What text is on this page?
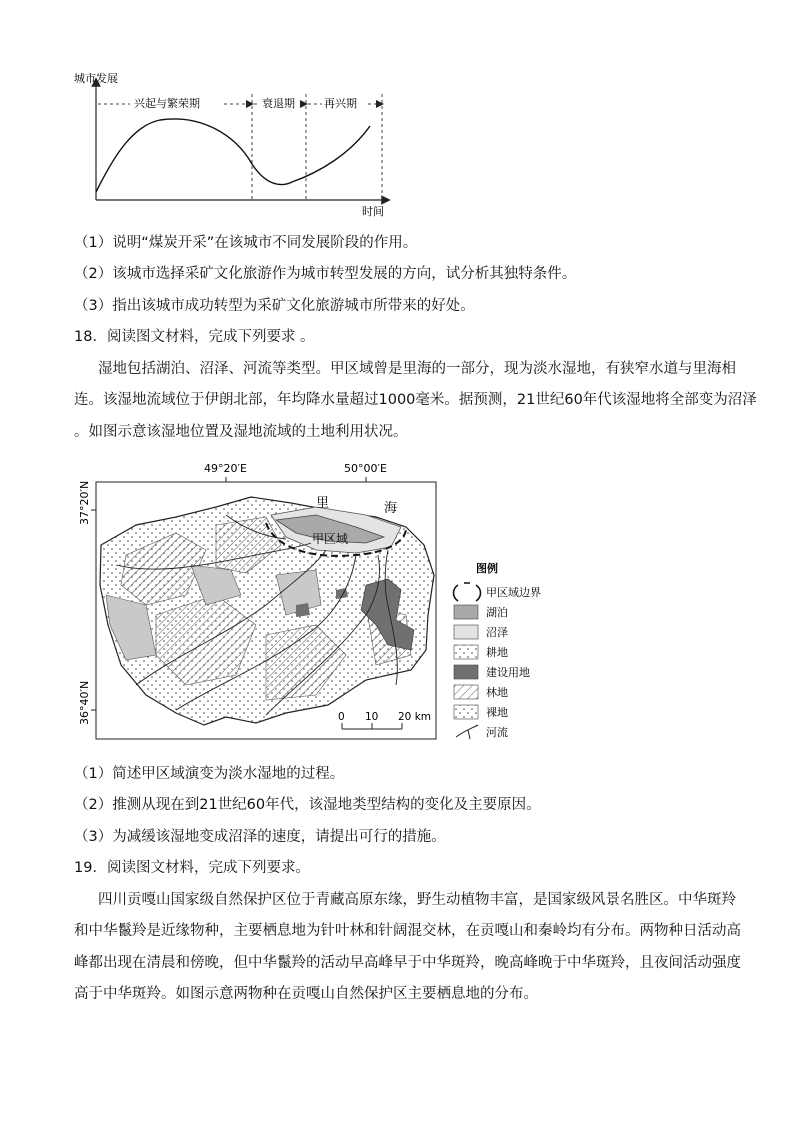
城市发展
时间
兴起与繁荣期	衰退期	再兴期
（1）说明“煤炭开采”在该城市不同发展阶段的作用。
（2）该城市选择采矿文化旅游作为城市转型发展的方向，试分析其独特条件。
（3）指出该城市成功转型为采矿文化旅游城市所带来的好处。
18．阅读图文材料，完成下列要求 。
湿地包括湖泊、沼泽、河流等类型。甲区域曾是里海的一部分，现为淡水湿地，有狭窄水道与里海相
连。该湿地流域位于伊朗北部，年均降水量超过1000毫米。据预测，21世纪60年代该湿地将全部变为沼泽
。如图示意该湿地位置及湿地流域的土地利用状况。
49°20′E	50°00′E
37°20′N
36°40′N
里	海
甲区域
0 10 20 km
图例
甲区域边界
湖泊
沼泽
耕地
建设用地
林地
裸地
河流
（1）简述甲区域演变为淡水湿地的过程。
（2）推测从现在到21世纪60年代，该湿地类型结构的变化及主要原因。
（3）为减缓该湿地变成沼泽的速度，请提出可行的措施。
19．阅读图文材料，完成下列要求。
四川贡嘎山国家级自然保护区位于青藏高原东缘，野生动植物丰富，是国家级风景名胜区。中华斑羚
和中华鬣羚是近缘物种，主要栖息地为针叶林和针阔混交林，在贡嘎山和秦岭均有分布。两物种日活动高
峰都出现在清晨和傍晚，但中华鬣羚的活动早高峰早于中华斑羚，晚高峰晚于中华斑羚，且夜间活动强度
高于中华斑羚。如图示意两物种在贡嘎山自然保护区主要栖息地的分布。
